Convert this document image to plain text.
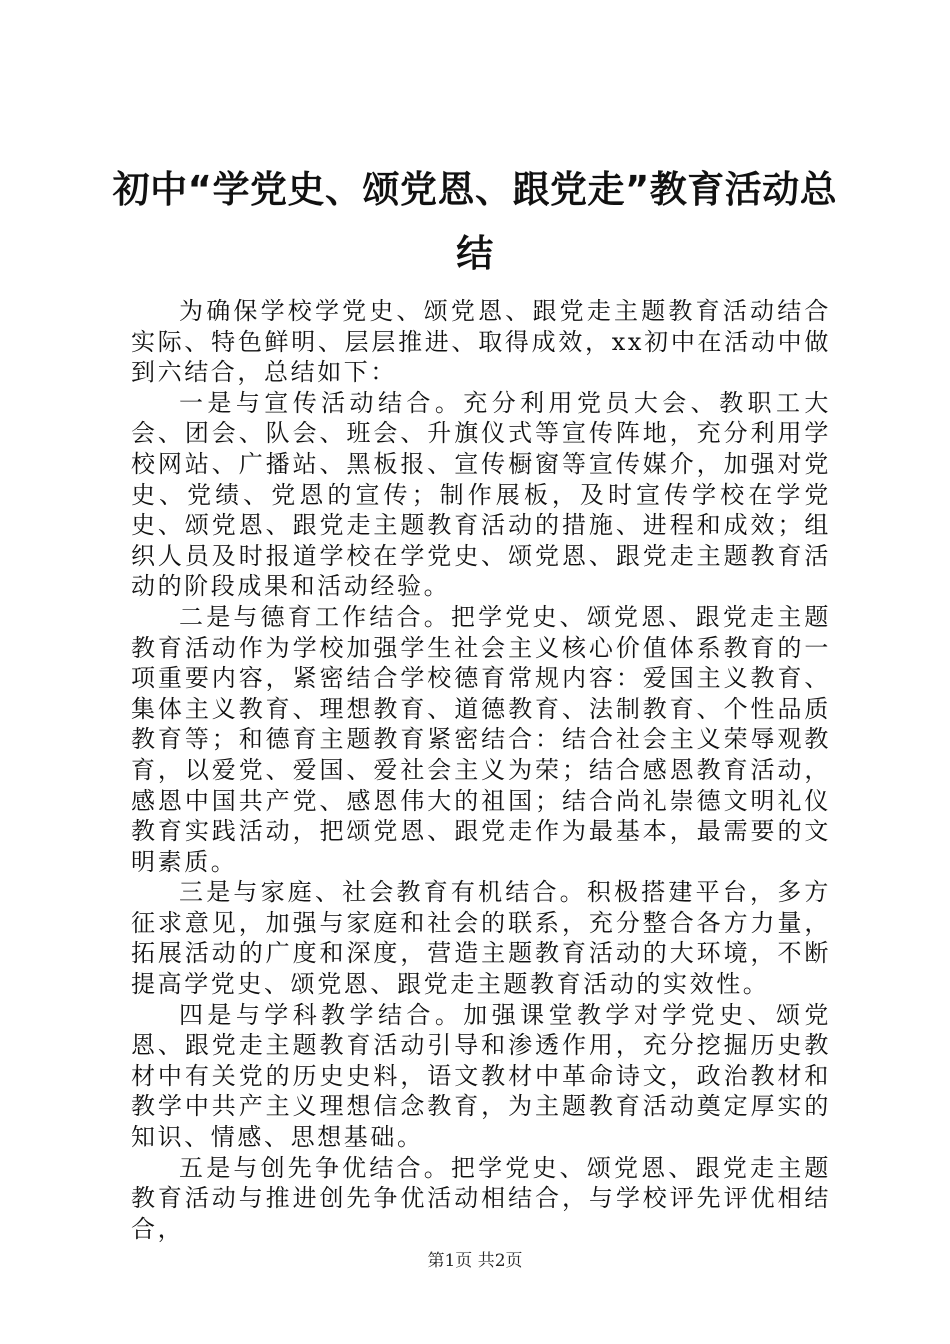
初中“学党史、颂党恩、跟党走”教育活动总结

为确保学校学党史、颂党恩、跟党走主题教育活动结合实际、特色鲜明、层层推进、取得成效，xx初中在活动中做到六结合，总结如下：

一是与宣传活动结合。充分利用党员大会、教职工大会、团会、队会、班会、升旗仪式等宣传阵地，充分利用学校网站、广播站、黑板报、宣传橱窗等宣传媒介，加强对党史、党绩、党恩的宣传；制作展板，及时宣传学校在学党史、颂党恩、跟党走主题教育活动的措施、进程和成效；组织人员及时报道学校在学党史、颂党恩、跟党走主题教育活动的阶段成果和活动经验。

二是与德育工作结合。把学党史、颂党恩、跟党走主题教育活动作为学校加强学生社会主义核心价值体系教育的一项重要内容，紧密结合学校德育常规内容：爱国主义教育、集体主义教育、理想教育、道德教育、法制教育、个性品质教育等；和德育主题教育紧密结合：结合社会主义荣辱观教育，以爱党、爱国、爱社会主义为荣；结合感恩教育活动，感恩中国共产党、感恩伟大的祖国；结合尚礼崇德文明礼仪教育实践活动，把颂党恩、跟党走作为最基本，最需要的文明素质。

三是与家庭、社会教育有机结合。积极搭建平台，多方征求意见，加强与家庭和社会的联系，充分整合各方力量，拓展活动的广度和深度，营造主题教育活动的大环境，不断提高学党史、颂党恩、跟党走主题教育活动的实效性。

四是与学科教学结合。加强课堂教学对学党史、颂党恩、跟党走主题教育活动引导和渗透作用，充分挖掘历史教材中有关党的历史史料，语文教材中革命诗文，政治教材和教学中共产主义理想信念教育，为主题教育活动奠定厚实的知识、情感、思想基础。

五是与创先争优结合。把学党史、颂党恩、跟党走主题教育活动与推进创先争优活动相结合，与学校评先评优相结合，

第1页 共2页
